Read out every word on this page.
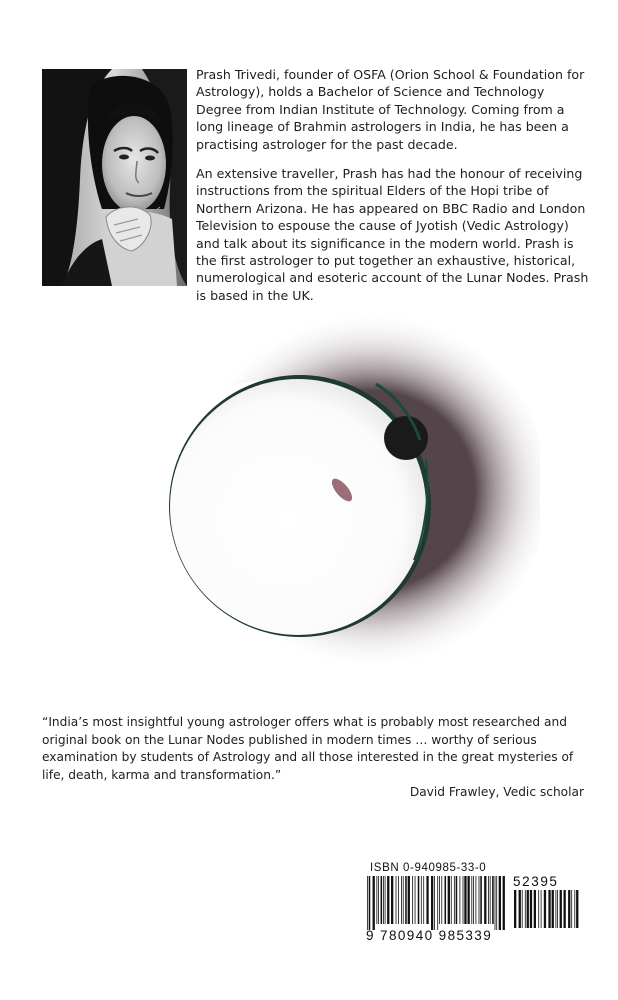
Prash Trivedi, founder of OSFA (Orion School & Foundation for Astrology), holds a Bachelor of Science and Technology Degree from Indian Institute of Technology. Coming from a long lineage of Brahmin astrologers in India, he has been a practising astrologer for the past decade.

An extensive traveller, Prash has had the honour of receiving instructions from the spiritual Elders of the Hopi tribe of Northern Arizona. He has appeared on BBC Radio and London Television to espouse the cause of Jyotish (Vedic Astrology) and talk about its significance in the modern world. Prash is the first astrologer to put together an exhaustive, historical, numerological and esoteric account of the Lunar Nodes. Prash is based in the UK.

“India’s most insightful young astrologer offers what is probably most researched and original book on the Lunar Nodes published in modern times … worthy of serious examination by students of Astrology and all those interested in the great mysteries of life, death, karma and transformation.”
David Frawley, Vedic scholar
ISBN 0-940985-33-0
9 780940 985339
52395
